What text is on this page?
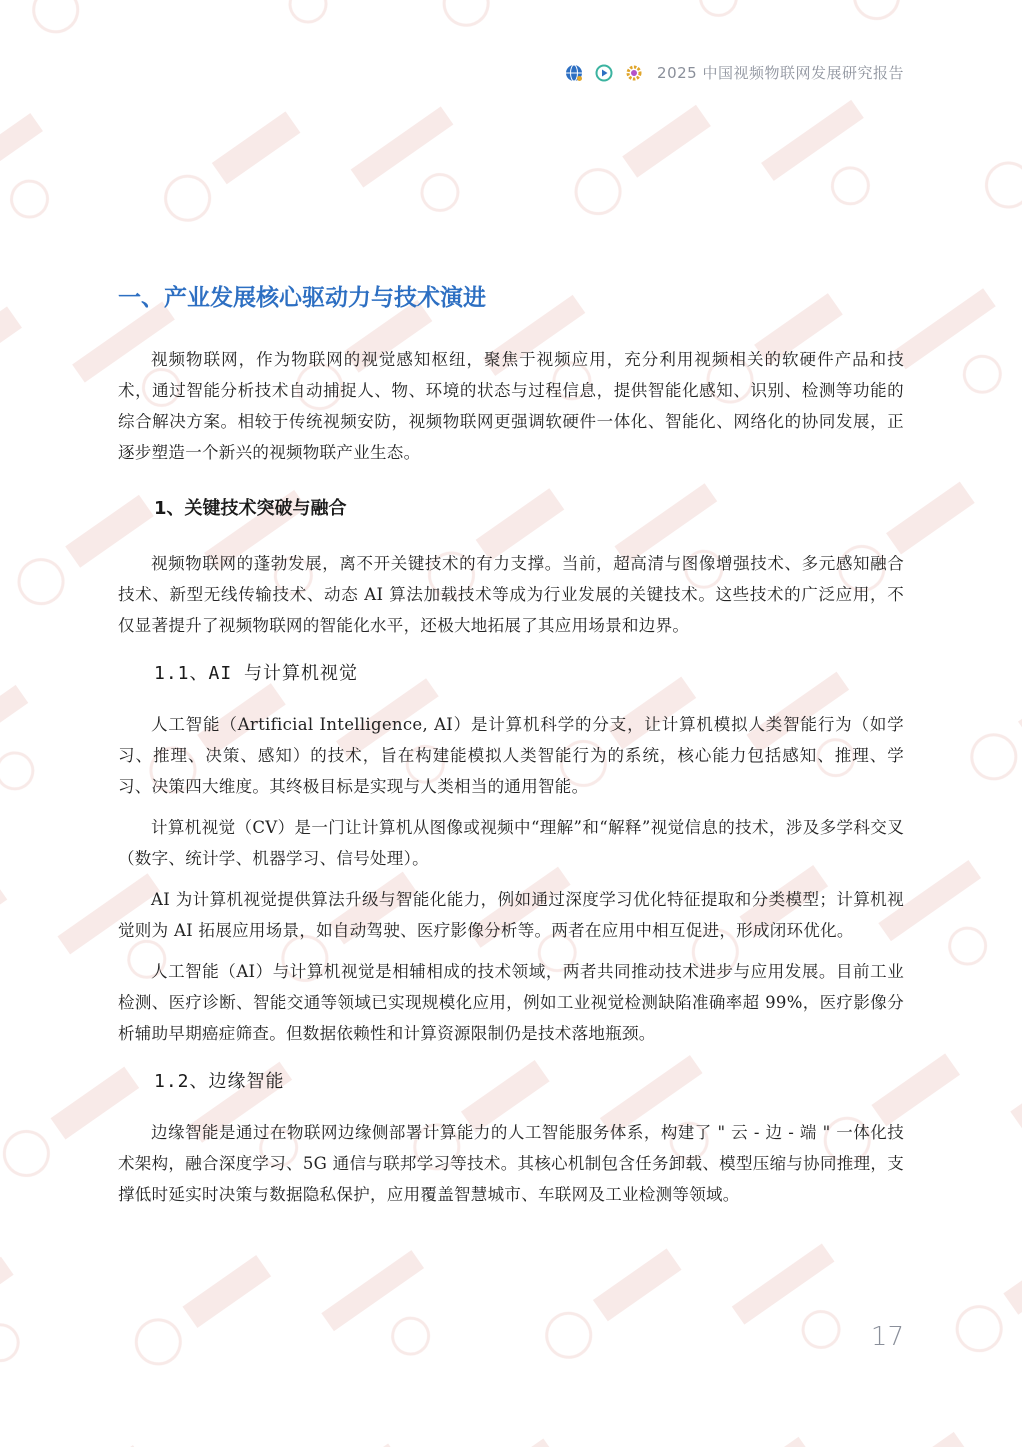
2025 中国视频物联网发展研究报告
一、产业发展核心驱动力与技术演进

视频物联网，作为物联网的视觉感知枢纽，聚焦于视频应用，充分利用视频相关的软硬件产品和技术，通过智能分析技术自动捕捉人、物、环境的状态与过程信息，提供智能化感知、识别、检测等功能的综合解决方案。相较于传统视频安防，视频物联网更强调软硬件一体化、智能化、网络化的协同发展，正逐步塑造一个新兴的视频物联产业生态。

1、关键技术突破与融合

视频物联网的蓬勃发展，离不开关键技术的有力支撑。当前，超高清与图像增强技术、多元感知融合技术、新型无线传输技术、动态 AI 算法加载技术等成为行业发展的关键技术。这些技术的广泛应用，不仅显著提升了视频物联网的智能化水平，还极大地拓展了其应用场景和边界。

1.1、AI 与计算机视觉

人工智能（Artificial Intelligence, AI）是计算机科学的分支，让计算机模拟人类智能行为（如学习、推理、决策、感知）的技术，旨在构建能模拟人类智能行为的系统，核心能力包括感知、推理、学习、决策四大维度。其终极目标是实现与人类相当的通用智能。

计算机视觉（CV）是一门让计算机从图像或视频中“理解”和“解释”视觉信息的技术，涉及多学科交叉（数字、统计学、机器学习、信号处理）。

AI 为计算机视觉提供算法升级与智能化能力，例如通过深度学习优化特征提取和分类模型；计算机视觉则为 AI 拓展应用场景，如自动驾驶、医疗影像分析等。两者在应用中相互促进，形成闭环优化。

人工智能（AI）与计算机视觉是相辅相成的技术领域，两者共同推动技术进步与应用发展。目前工业检测、医疗诊断、智能交通等领域已实现规模化应用，例如工业视觉检测缺陷准确率超 99%，医疗影像分析辅助早期癌症筛查。但数据依赖性和计算资源限制仍是技术落地瓶颈。

1.2、边缘智能

边缘智能是通过在物联网边缘侧部署计算能力的人工智能服务体系，构建了 " 云 - 边 - 端 " 一体化技术架构，融合深度学习、5G 通信与联邦学习等技术。其核心机制包含任务卸载、模型压缩与协同推理，支撑低时延实时决策与数据隐私保护，应用覆盖智慧城市、车联网及工业检测等领域。

17
